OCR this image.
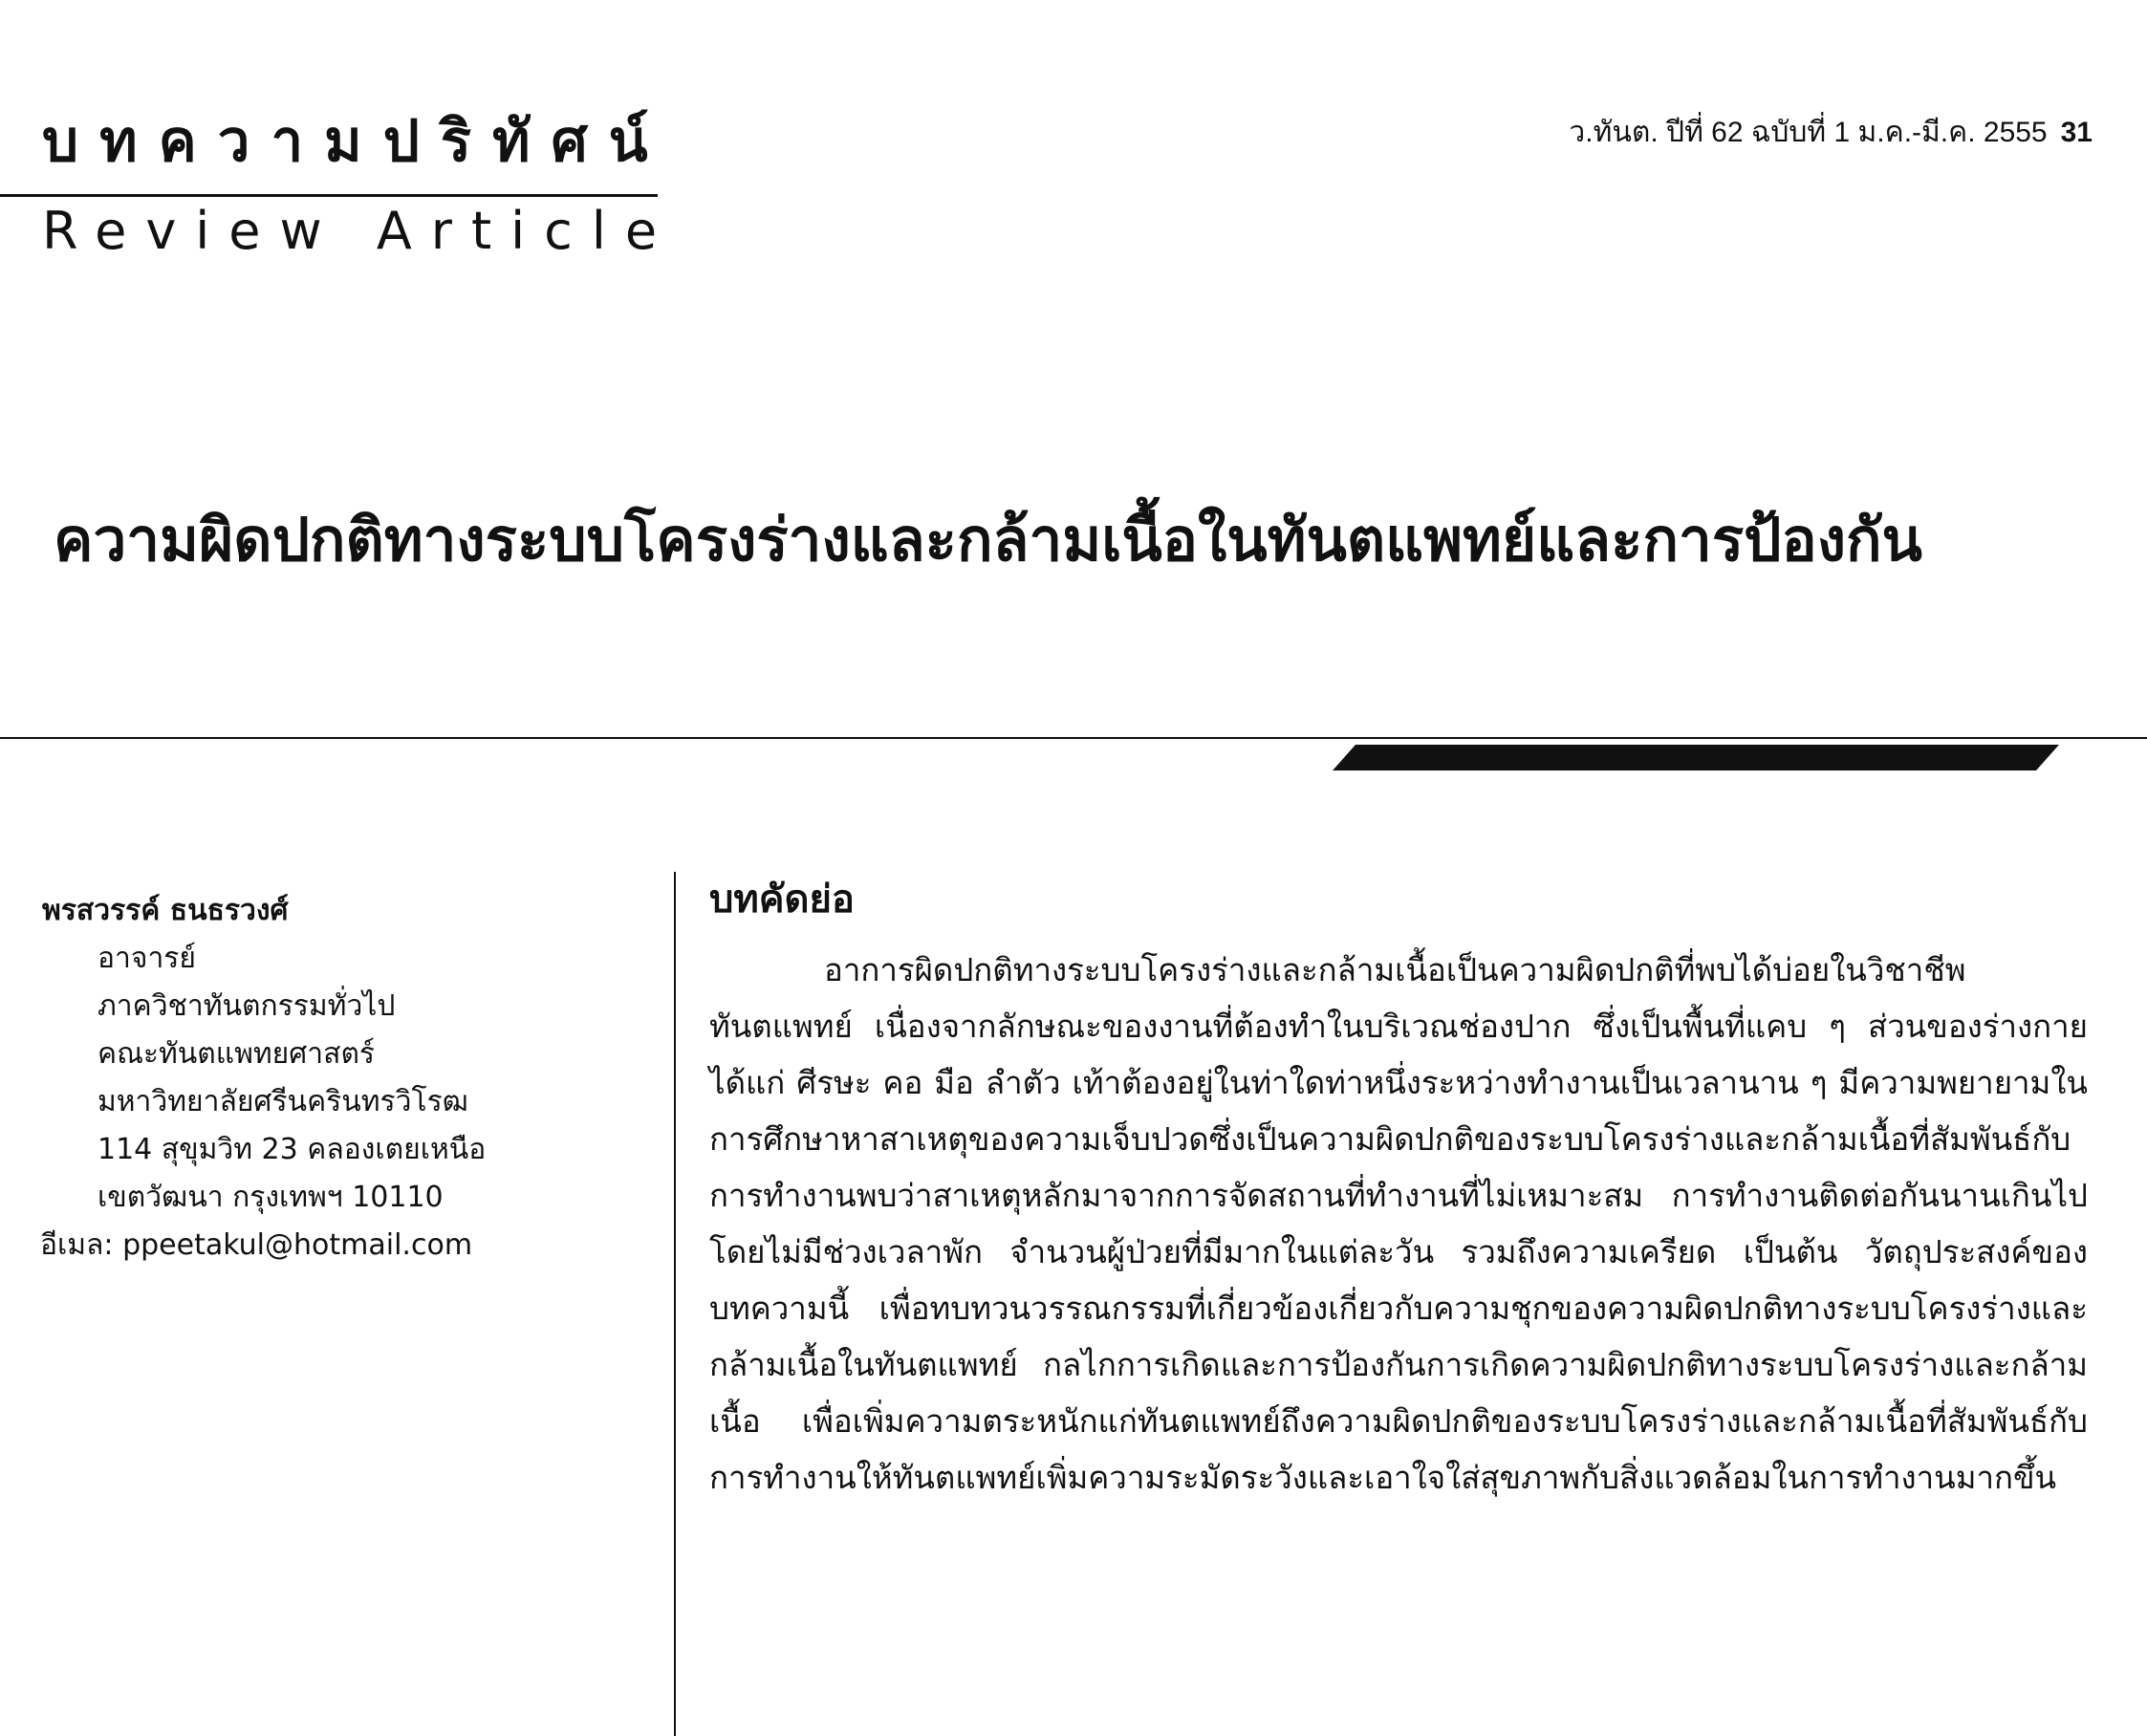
บทความปริทัศน์
Review Article
ว.ทันต. ปีที่ 62 ฉบับที่ 1 ม.ค.-มี.ค. 2555 31
ความผิดปกติทางระบบโครงร่างและกล้ามเนื้อในทันตแพทย์และการป้องกัน
พรสวรรค์ ธนธรวงศ์
อาจารย์
ภาควิชาทันตกรรมทั่วไป
คณะทันตแพทยศาสตร์
มหาวิทยาลัยศรีนครินทรวิโรฒ
114 สุขุมวิท 23 คลองเตยเหนือ
เขตวัฒนา กรุงเทพฯ 10110
อีเมล: ppeetakul@hotmail.com
บทคัดย่อ

อาการผิดปกติทางระบบโครงร่างและกล้ามเนื้อเป็นความผิดปกติที่พบได้บ่อยในวิชาชีพทันตแพทย์ เนื่องจากลักษณะของงานที่ต้องทำในบริเวณช่องปาก ซึ่งเป็นพื้นที่แคบ ๆ ส่วนของร่างกาย ได้แก่ ศีรษะ คอ มือ ลำตัว เท้าต้องอยู่ในท่าใดท่าหนึ่งระหว่างทำงานเป็นเวลานาน ๆ มีความพยายามในการศึกษาหาสาเหตุของความเจ็บปวดซึ่งเป็นความผิดปกติของระบบโครงร่างและกล้ามเนื้อที่สัมพันธ์กับการทำงานพบว่าสาเหตุหลักมาจากการจัดสถานที่ทำงานที่ไม่เหมาะสม การทำงานติดต่อกันนานเกินไปโดยไม่มีช่วงเวลาพัก จำนวนผู้ป่วยที่มีมากในแต่ละวัน รวมถึงความเครียด เป็นต้น วัตถุประสงค์ของบทความนี้ เพื่อทบทวนวรรณกรรมที่เกี่ยวข้องเกี่ยวกับความชุกของความผิดปกติทางระบบโครงร่างและกล้ามเนื้อในทันตแพทย์ กลไกการเกิดและการป้องกันการเกิดความผิดปกติทางระบบโครงร่างและกล้ามเนื้อ เพื่อเพิ่มความตระหนักแก่ทันตแพทย์ถึงความผิดปกติของระบบโครงร่างและกล้ามเนื้อที่สัมพันธ์กับการทำงานให้ทันตแพทย์เพิ่มความระมัดระวังและเอาใจใส่สุขภาพกับสิ่งแวดล้อมในการทำงานมากขึ้น
